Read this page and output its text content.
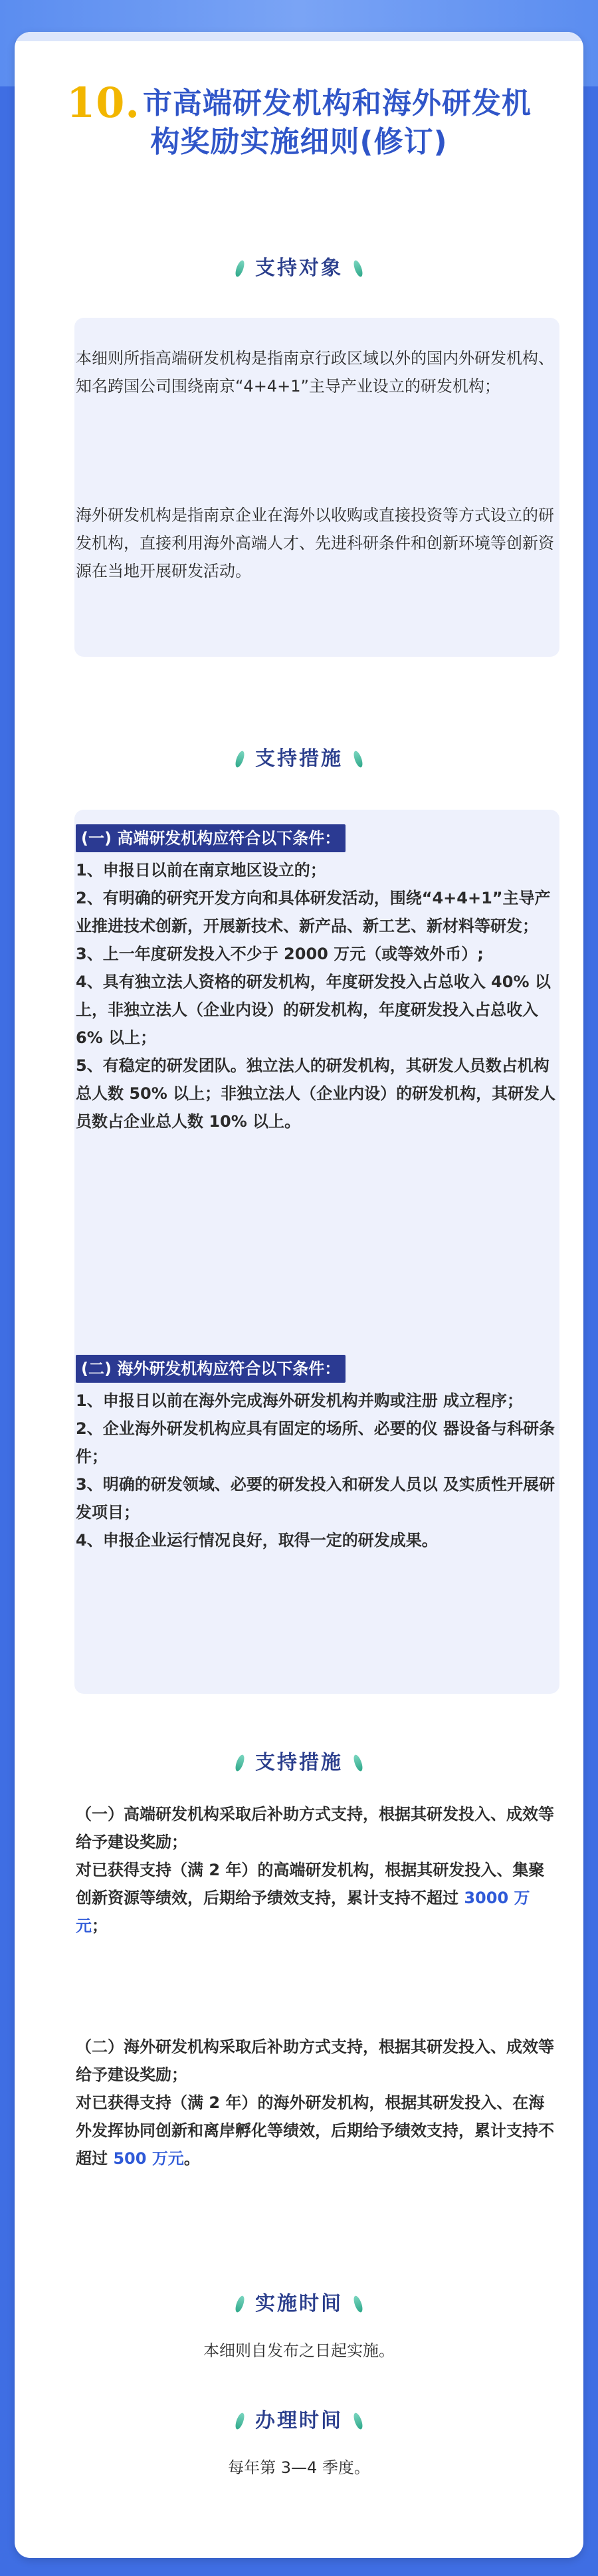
10.市高端研发机构和海外研发机
构奖励实施细则(修订)
支持对象
本细则所指高端研发机构是指南京行政区域以外的国内外研发机构、知名跨国公司围绕南京“4+4+1”主导产业设立的研发机构；
海外研发机构是指南京企业在海外以收购或直接投资等方式设立的研发机构，直接利用海外高端人才、先进科研条件和创新环境等创新资源在当地开展研发活动。
支持措施
(一) 高端研发机构应符合以下条件：
1、申报日以前在南京地区设立的；
2、有明确的研究开发方向和具体研发活动，围绕“4+4+1”主导产业推进技术创新，开展新技术、新产品、新工艺、新材料等研发；
3、上一年度研发投入不少于 2000 万元（或等效外币）;
4、具有独立法人资格的研发机构，年度研发投入占总收入 40% 以上，非独立法人（企业内设）的研发机构，年度研发投入占总收入 6% 以上；
5、有稳定的研发团队。独立法人的研发机构，其研发人员数占机构总人数 50% 以上；非独立法人（企业内设）的研发机构，其研发人员数占企业总人数 10% 以上。
(二) 海外研发机构应符合以下条件：
1、申报日以前在海外完成海外研发机构并购或注册 成立程序；
2、企业海外研发机构应具有固定的场所、必要的仪 器设备与科研条件；
3、明确的研发领域、必要的研发投入和研发人员以 及实质性开展研发项目；
4、申报企业运行情况良好，取得一定的研发成果。
支持措施
（一）高端研发机构采取后补助方式支持，根据其研发投入、成效等给予建设奖励；
对已获得支持（满 2 年）的高端研发机构，根据其研发投入、集聚创新资源等绩效，后期给予绩效支持，累计支持不超过 3000 万元；
（二）海外研发机构采取后补助方式支持，根据其研发投入、成效等给予建设奖励；
对已获得支持（满 2 年）的海外研发机构，根据其研发投入、在海外发挥协同创新和离岸孵化等绩效，后期给予绩效支持，累计支持不超过 500 万元。
实施时间
本细则自发布之日起实施。
办理时间
每年第 3—4 季度。
